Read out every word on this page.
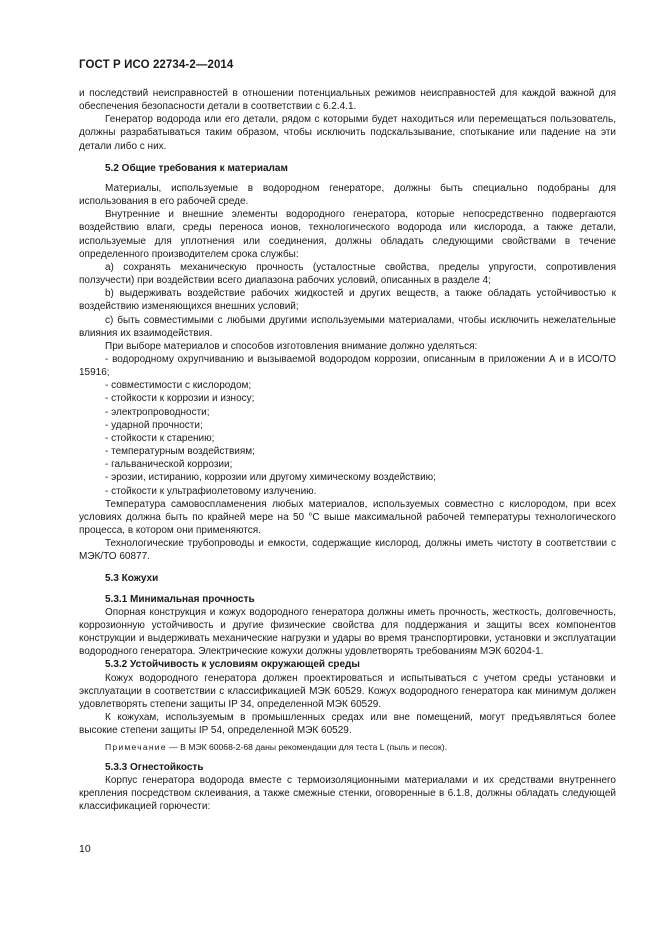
ГОСТ Р ИСО 22734-2—2014

и последствий неисправностей в отношении потенциальных режимов неисправностей для каждой важной для обеспечения безопасности детали в соответствии с 6.2.4.1.

Генератор водорода или его детали, рядом с которыми будет находиться или перемещаться пользователь, должны разрабатываться таким образом, чтобы исключить подскальзывание, спотыкание или падение на эти детали либо с них.

5.2 Общие требования к материалам

Материалы, используемые в водородном генераторе, должны быть специально подобраны для использования в его рабочей среде.

Внутренние и внешние элементы водородного генератора, которые непосредственно подвергаются воздействию влаги, среды переноса ионов, технологического водорода или кислорода, а также детали, используемые для уплотнения или соединения, должны обладать следующими свойствами в течение определенного производителем срока службы:

а) сохранять механическую прочность (усталостные свойства, пределы упругости, сопротивления ползучести) при воздействии всего диапазона рабочих условий, описанных в разделе 4;

b) выдерживать воздействие рабочих жидкостей и других веществ, а также обладать устойчивостью к воздействию изменяющихся внешних условий;

с) быть совместимыми с любыми другими используемыми материалами, чтобы исключить нежелательные влияния их взаимодействия.

При выборе материалов и способов изготовления внимание должно уделяться:

- водородному охрупчиванию и вызываемой водородом коррозии, описанным в приложении А и в ИСО/ТО 15916;

- совместимости с кислородом;

- стойкости к коррозии и износу;

- электропроводности;

- ударной прочности;

- стойкости к старению;

- температурным воздействиям;

- гальванической коррозии;

- эрозии, истиранию, коррозии или другому химическому воздействию;

- стойкости к ультрафиолетовому излучению.

Температура самовоспламенения любых материалов, используемых совместно с кислородом, при всех условиях должна быть по крайней мере на 50 °С выше максимальной рабочей температуры технологического процесса, в котором они применяются.

Технологические трубопроводы и емкости, содержащие кислород, должны иметь чистоту в соответствии с МЭК/ТО 60877.

5.3 Кожухи

5.3.1 Минимальная прочность

Опорная конструкция и кожух водородного генератора должны иметь прочность, жесткость, долговечность, коррозионную устойчивость и другие физические свойства для поддержания и защиты всех компонентов конструкции и выдерживать механические нагрузки и удары во время транспортировки, установки и эксплуатации водородного генератора. Электрические кожухи должны удовлетворять требованиям МЭК 60204-1.

5.3.2 Устойчивость к условиям окружающей среды

Кожух водородного генератора должен проектироваться и испытываться с учетом среды установки и эксплуатации в соответствии с классификацией МЭК 60529. Кожух водородного генератора как минимум должен удовлетворять степени защиты IP 34, определенной МЭК 60529.

К кожухам, используемым в промышленных средах или вне помещений, могут предъявляться более высокие степени защиты IP 54, определенной МЭК 60529.

Примечание — В МЭК 60068-2-68 даны рекомендации для теста L (пыль и песок).

5.3.3 Огнестойкость

Корпус генератора водорода вместе с термоизоляционными материалами и их средствами внутреннего крепления посредством склеивания, а также смежные стенки, оговоренные в 6.1.8, должны обладать следующей классификацией горючести:

10
